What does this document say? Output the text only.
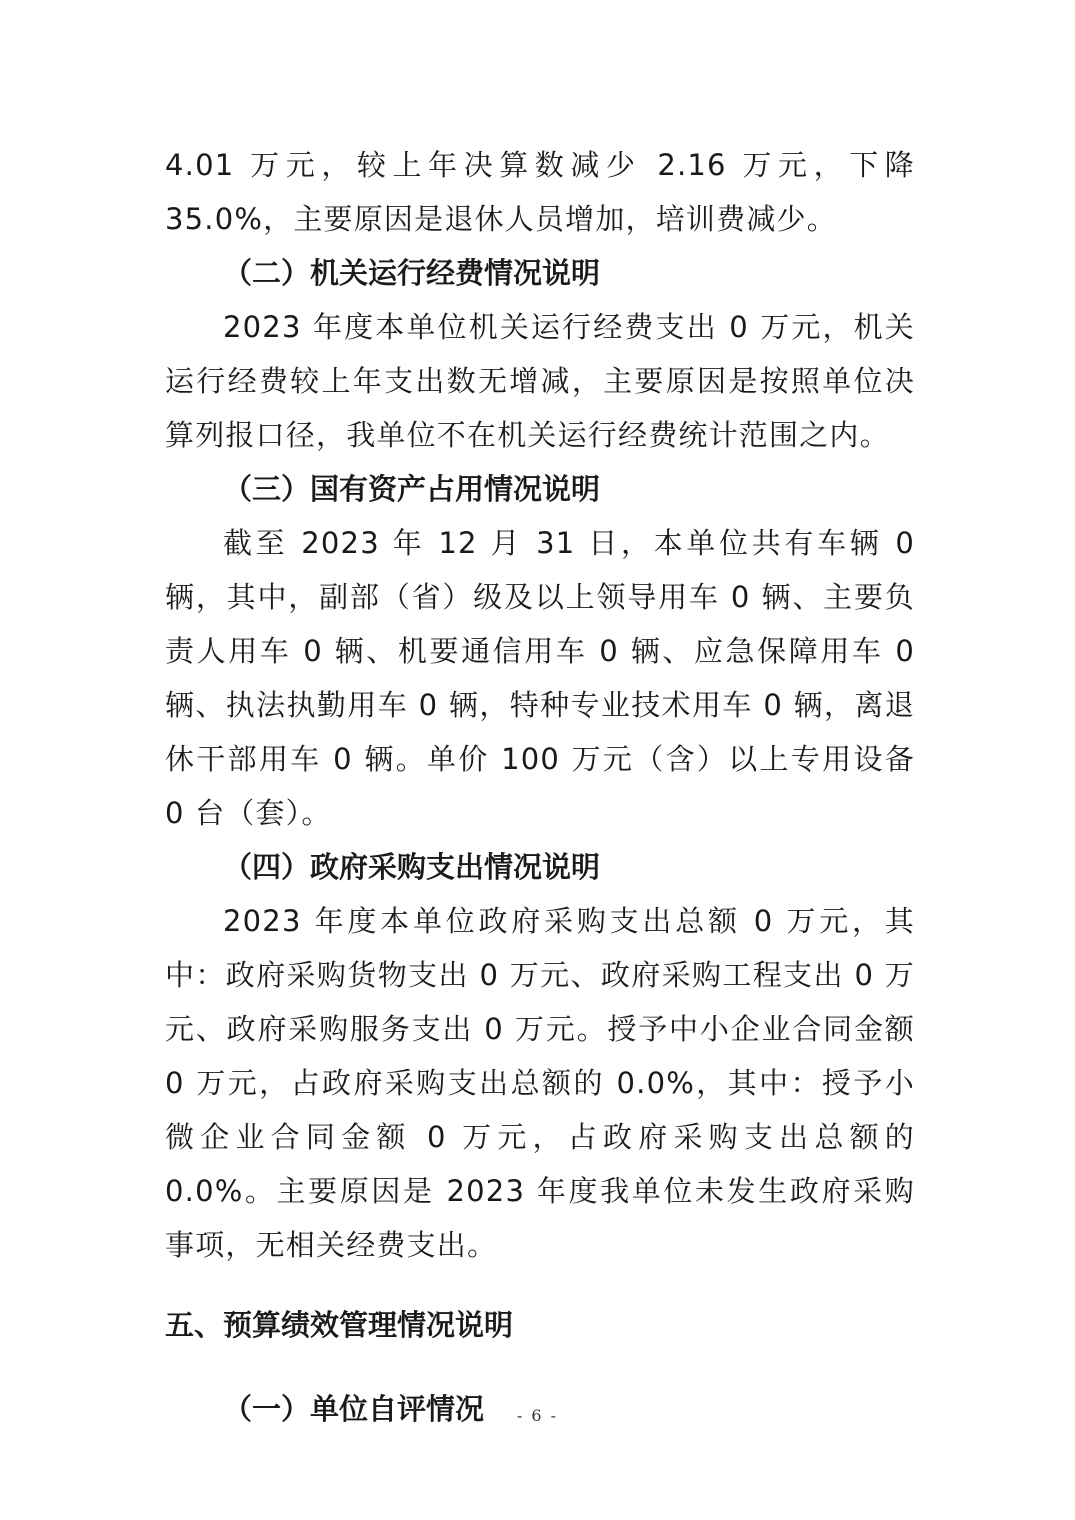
4.01 万元，较上年决算数减少 2.16 万元，下降 35.0%，主要原因是退休人员增加，培训费减少。

（二）机关运行经费情况说明

2023 年度本单位机关运行经费支出 0 万元，机关运行经费较上年支出数无增减，主要原因是按照单位决算列报口径，我单位不在机关运行经费统计范围之内。

（三）国有资产占用情况说明

截至 2023 年 12 月 31 日，本单位共有车辆 0 辆，其中，副部（省）级及以上领导用车 0 辆、主要负责人用车 0 辆、机要通信用车 0 辆、应急保障用车 0 辆、执法执勤用车 0 辆，特种专业技术用车 0 辆，离退休干部用车 0 辆。单价 100 万元（含）以上专用设备 0 台（套）。

（四）政府采购支出情况说明

2023 年度本单位政府采购支出总额 0 万元，其中：政府采购货物支出 0 万元、政府采购工程支出 0 万元、政府采购服务支出 0 万元。授予中小企业合同金额 0 万元，占政府采购支出总额的 0.0%，其中：授予小微企业合同金额 0 万元，占政府采购支出总额的 0.0%。主要原因是 2023 年度我单位未发生政府采购事项，无相关经费支出。

五、预算绩效管理情况说明

（一）单位自评情况	- 6 -
